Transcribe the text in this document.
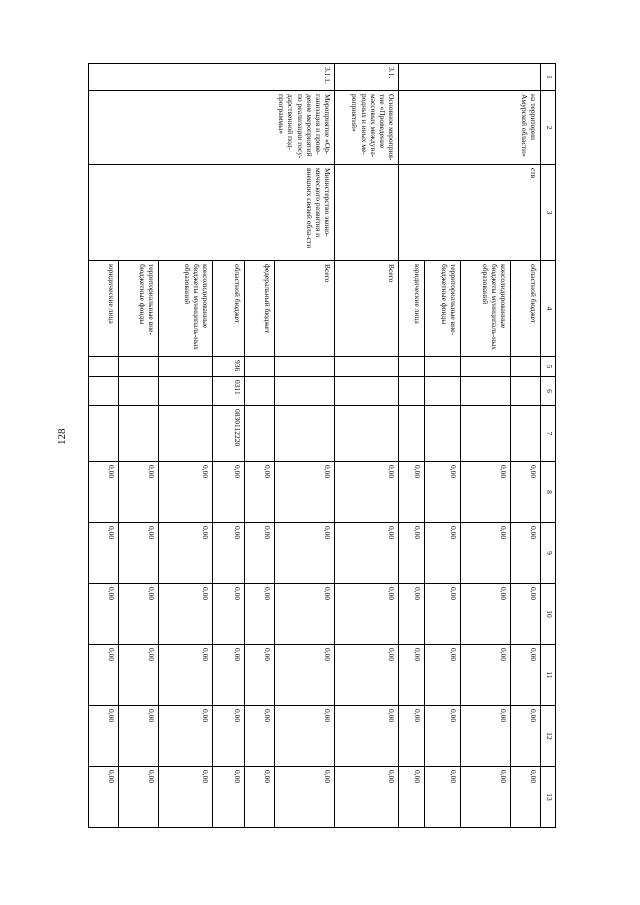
128
1	2	3	4	5	6	7	8	9	10	11	12	13
	на территории Амурской области»	ств	областной бюджет				0,00	0,00	0,00	0,00	0,00	0,00
			консолидированные бюджеты муниципаль-ных образований				0,00	0,00	0,00	0,00	0,00	0,00
			территориальные вне-бюджетные фонды				0,00	0,00	0,00	0,00	0,00	0,00
			юридические лица				0,00	0,00	0,00	0,00	0,00	0,00
3.1.	Основное мероприя-тие «Проведение массовых междуна-родных и иных ме-роприятий»		Всего				0,00	0,00	0,00	0,00	0,00	0,00
3.1.1.	Мероприятие «Ор-ганизация и прове-дение мероприятий по реализации госу-дарственной под-программы»	Министерство эконо-мического развития и внешних связей обла-сти	Всего				0,00	0,00	0,00	0,00	0,00	0,00
			федеральный бюджет				0,00	0,00	0,00	0,00	0,00	0,00
			областной бюджет	936	0311	0830112220	0,00	0,00	0,00	0,00	0,00	0,00
			консолидированные бюджеты муниципаль-ных образований				0,00	0,00	0,00	0,00	0,00	0,00
			территориальные вне-бюджетные фонды				0,00	0,00	0,00	0,00	0,00	0,00
			юридические лица				0,00	0,00	0,00	0,00	0,00	0,00
